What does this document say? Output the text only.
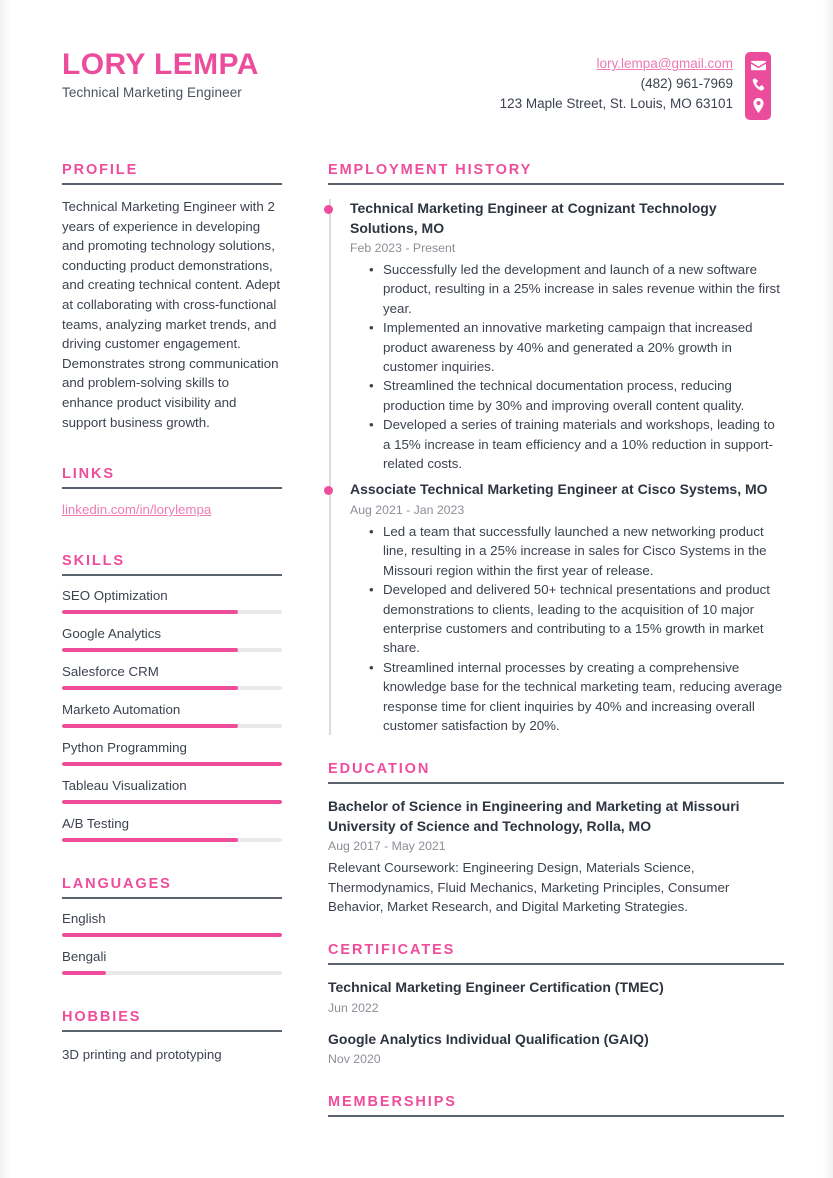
LORY LEMPA
Technical Marketing Engineer
lory.lempa@gmail.com
(482) 961-7969
123 Maple Street, St. Louis, MO 63101
PROFILE
Technical Marketing Engineer with 2 years of experience in developing and promoting technology solutions, conducting product demonstrations, and creating technical content. Adept at collaborating with cross-functional teams, analyzing market trends, and driving customer engagement. Demonstrates strong communication and problem-solving skills to enhance product visibility and support business growth.
LINKS
linkedin.com/in/lorylempa
SKILLS
SEO Optimization
Google Analytics
Salesforce CRM
Marketo Automation
Python Programming
Tableau Visualization
A/B Testing
LANGUAGES
English
Bengali
HOBBIES
3D printing and prototyping
EMPLOYMENT HISTORY
Technical Marketing Engineer at Cognizant Technology Solutions, MO
Feb 2023 - Present
• Successfully led the development and launch of a new software product, resulting in a 25% increase in sales revenue within the first year.
• Implemented an innovative marketing campaign that increased product awareness by 40% and generated a 20% growth in customer inquiries.
• Streamlined the technical documentation process, reducing production time by 30% and improving overall content quality.
• Developed a series of training materials and workshops, leading to a 15% increase in team efficiency and a 10% reduction in support-related costs.
Associate Technical Marketing Engineer at Cisco Systems, MO
Aug 2021 - Jan 2023
• Led a team that successfully launched a new networking product line, resulting in a 25% increase in sales for Cisco Systems in the Missouri region within the first year of release.
• Developed and delivered 50+ technical presentations and product demonstrations to clients, leading to the acquisition of 10 major enterprise customers and contributing to a 15% growth in market share.
• Streamlined internal processes by creating a comprehensive knowledge base for the technical marketing team, reducing average response time for client inquiries by 40% and increasing overall customer satisfaction by 20%.
EDUCATION
Bachelor of Science in Engineering and Marketing at Missouri University of Science and Technology, Rolla, MO
Aug 2017 - May 2021
Relevant Coursework: Engineering Design, Materials Science, Thermodynamics, Fluid Mechanics, Marketing Principles, Consumer Behavior, Market Research, and Digital Marketing Strategies.
CERTIFICATES
Technical Marketing Engineer Certification (TMEC)
Jun 2022
Google Analytics Individual Qualification (GAIQ)
Nov 2020
MEMBERSHIPS
